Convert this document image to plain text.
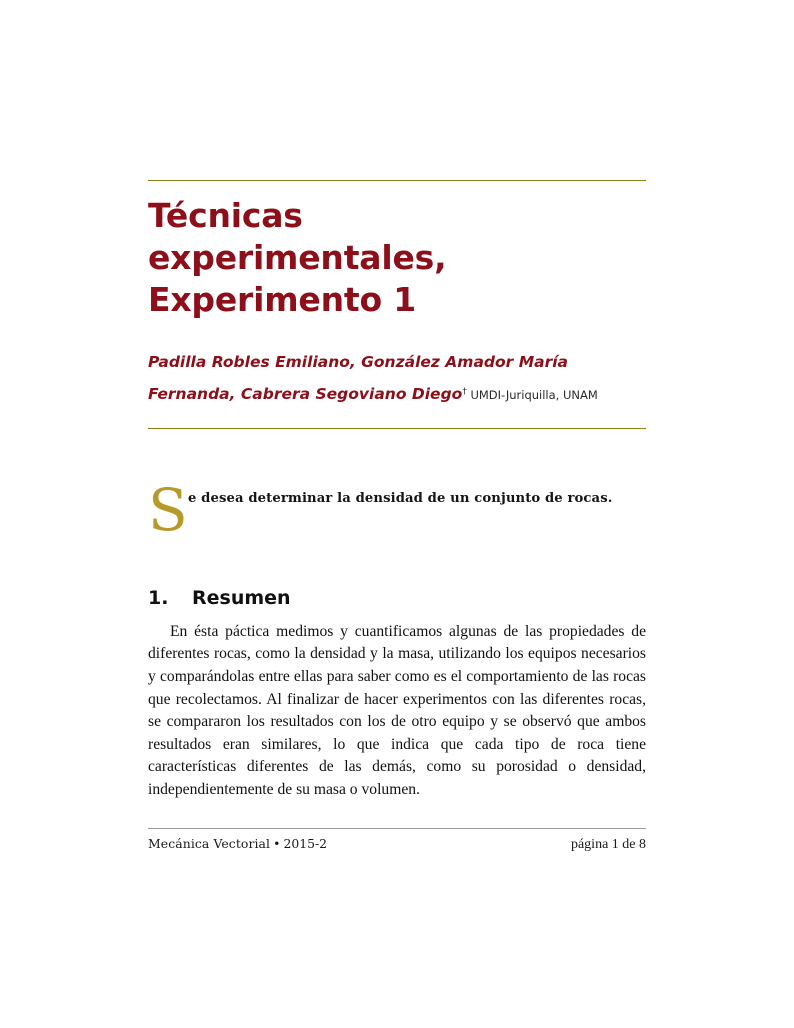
Técnicas experimentales, Experimento 1

Padilla Robles Emiliano, González Amador María Fernanda, Cabrera Segoviano Diego† UMDI-Juriquilla, UNAM

S e desea determinar la densidad de un conjunto de rocas.
1. Resumen

En ésta páctica medimos y cuantificamos algunas de las propiedades de diferentes rocas, como la densidad y la masa, utilizando los equipos necesarios y comparándolas entre ellas para saber como es el comportamiento de las rocas que recolectamos. Al finalizar de hacer experimentos con las diferentes rocas, se compararon los resultados con los de otro equipo y se observó que ambos resultados eran similares, lo que indica que cada tipo de roca tiene características diferentes de las demás, como su porosidad o densidad, independientemente de su masa o volumen.

Mecánica Vectorial • 2015-2	página 1 de 8
